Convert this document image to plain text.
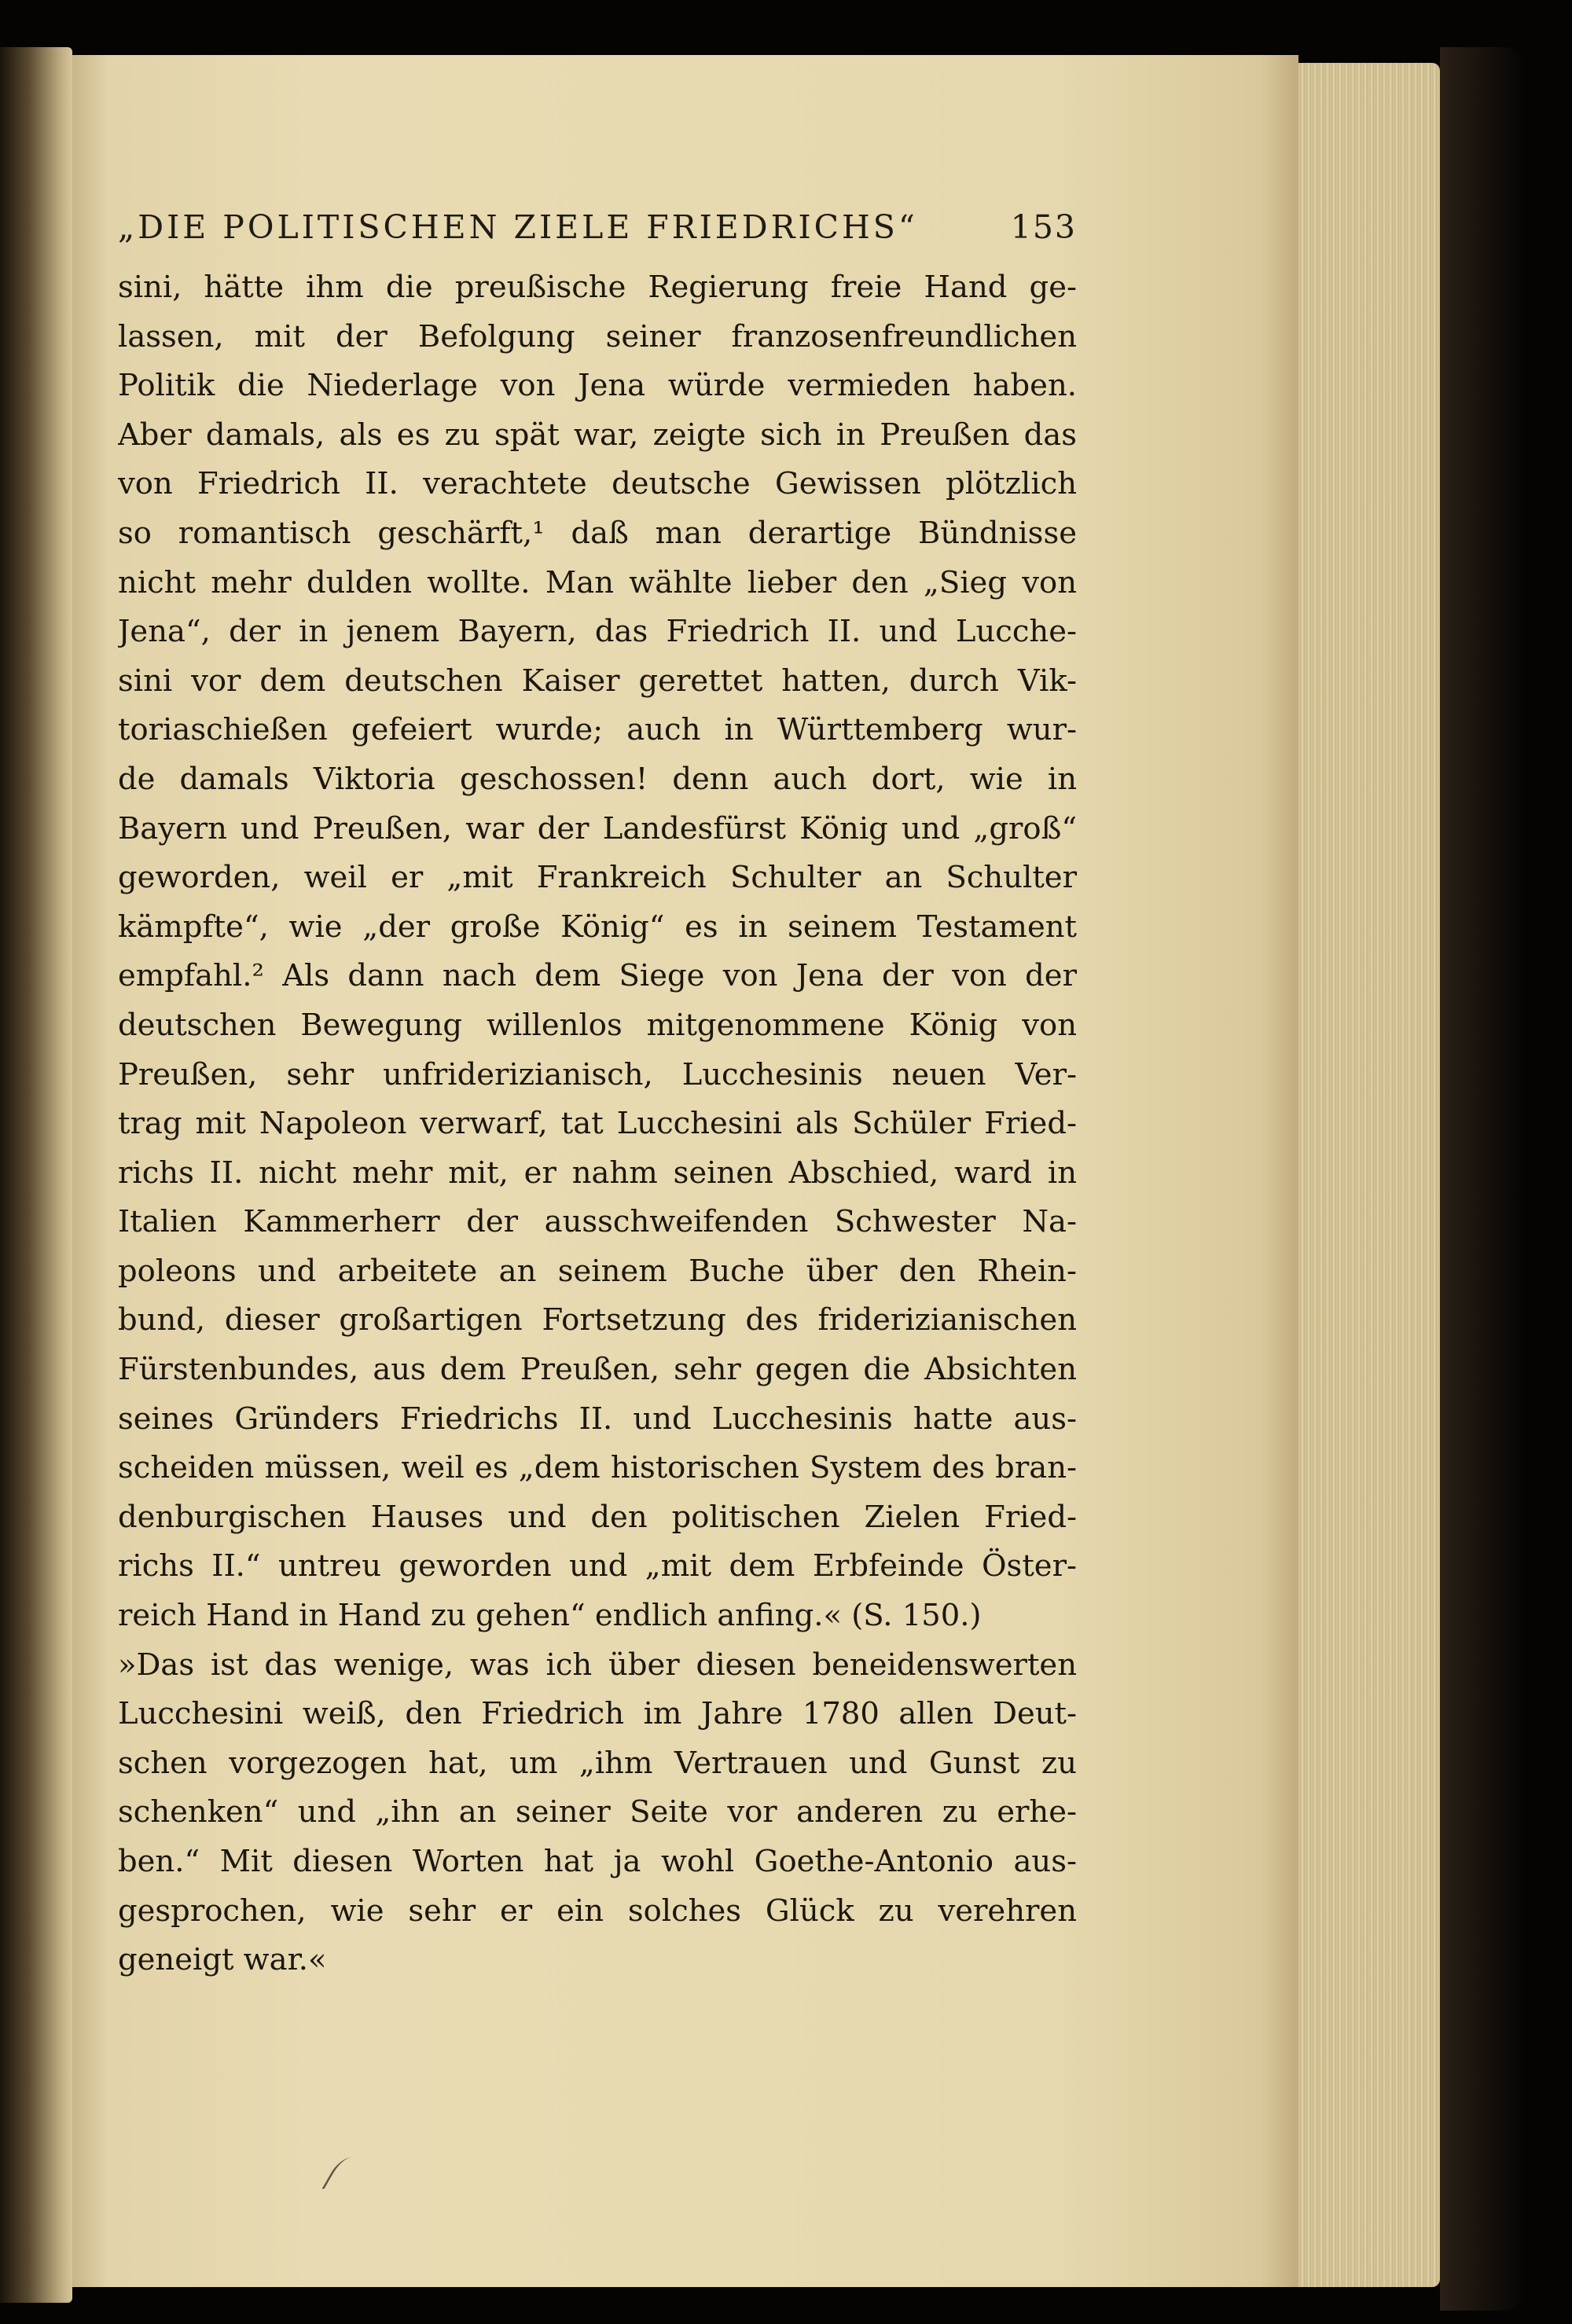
„DIE POLITISCHEN ZIELE FRIEDRICHS“	153
sini, hätte ihm die preußische Regierung freie Hand ge-
lassen, mit der Befolgung seiner franzosenfreundlichen
Politik die Niederlage von Jena würde vermieden haben.
Aber damals, als es zu spät war, zeigte sich in Preußen das
von Friedrich II. verachtete deutsche Gewissen plötzlich
so romantisch geschärft,¹ daß man derartige Bündnisse
nicht mehr dulden wollte. Man wählte lieber den „Sieg von
Jena“, der in jenem Bayern, das Friedrich II. und Lucche-
sini vor dem deutschen Kaiser gerettet hatten, durch Vik-
toriaschießen gefeiert wurde; auch in Württemberg wur-
de damals Viktoria geschossen! denn auch dort, wie in
Bayern und Preußen, war der Landesfürst König und „groß“
geworden, weil er „mit Frankreich Schulter an Schulter
kämpfte“, wie „der große König“ es in seinem Testament
empfahl.² Als dann nach dem Siege von Jena der von der
deutschen Bewegung willenlos mitgenommene König von
Preußen, sehr unfriderizianisch, Lucchesinis neuen Ver-
trag mit Napoleon verwarf, tat Lucchesini als Schüler Fried-
richs II. nicht mehr mit, er nahm seinen Abschied, ward in
Italien Kammerherr der ausschweifenden Schwester Na-
poleons und arbeitete an seinem Buche über den Rhein-
bund, dieser großartigen Fortsetzung des friderizianischen
Fürstenbundes, aus dem Preußen, sehr gegen die Absichten
seines Gründers Friedrichs II. und Lucchesinis hatte aus-
scheiden müssen, weil es „dem historischen System des bran-
denburgischen Hauses und den politischen Zielen Fried-
richs II.“ untreu geworden und „mit dem Erbfeinde Öster-
reich Hand in Hand zu gehen“ endlich anfing.« (S. 150.)
»Das ist das wenige, was ich über diesen beneidenswerten
Lucchesini weiß, den Friedrich im Jahre 1780 allen Deut-
schen vorgezogen hat, um „ihm Vertrauen und Gunst zu
schenken“ und „ihn an seiner Seite vor anderen zu erhe-
ben.“ Mit diesen Worten hat ja wohl Goethe-Antonio aus-
gesprochen, wie sehr er ein solches Glück zu verehren
geneigt war.«
